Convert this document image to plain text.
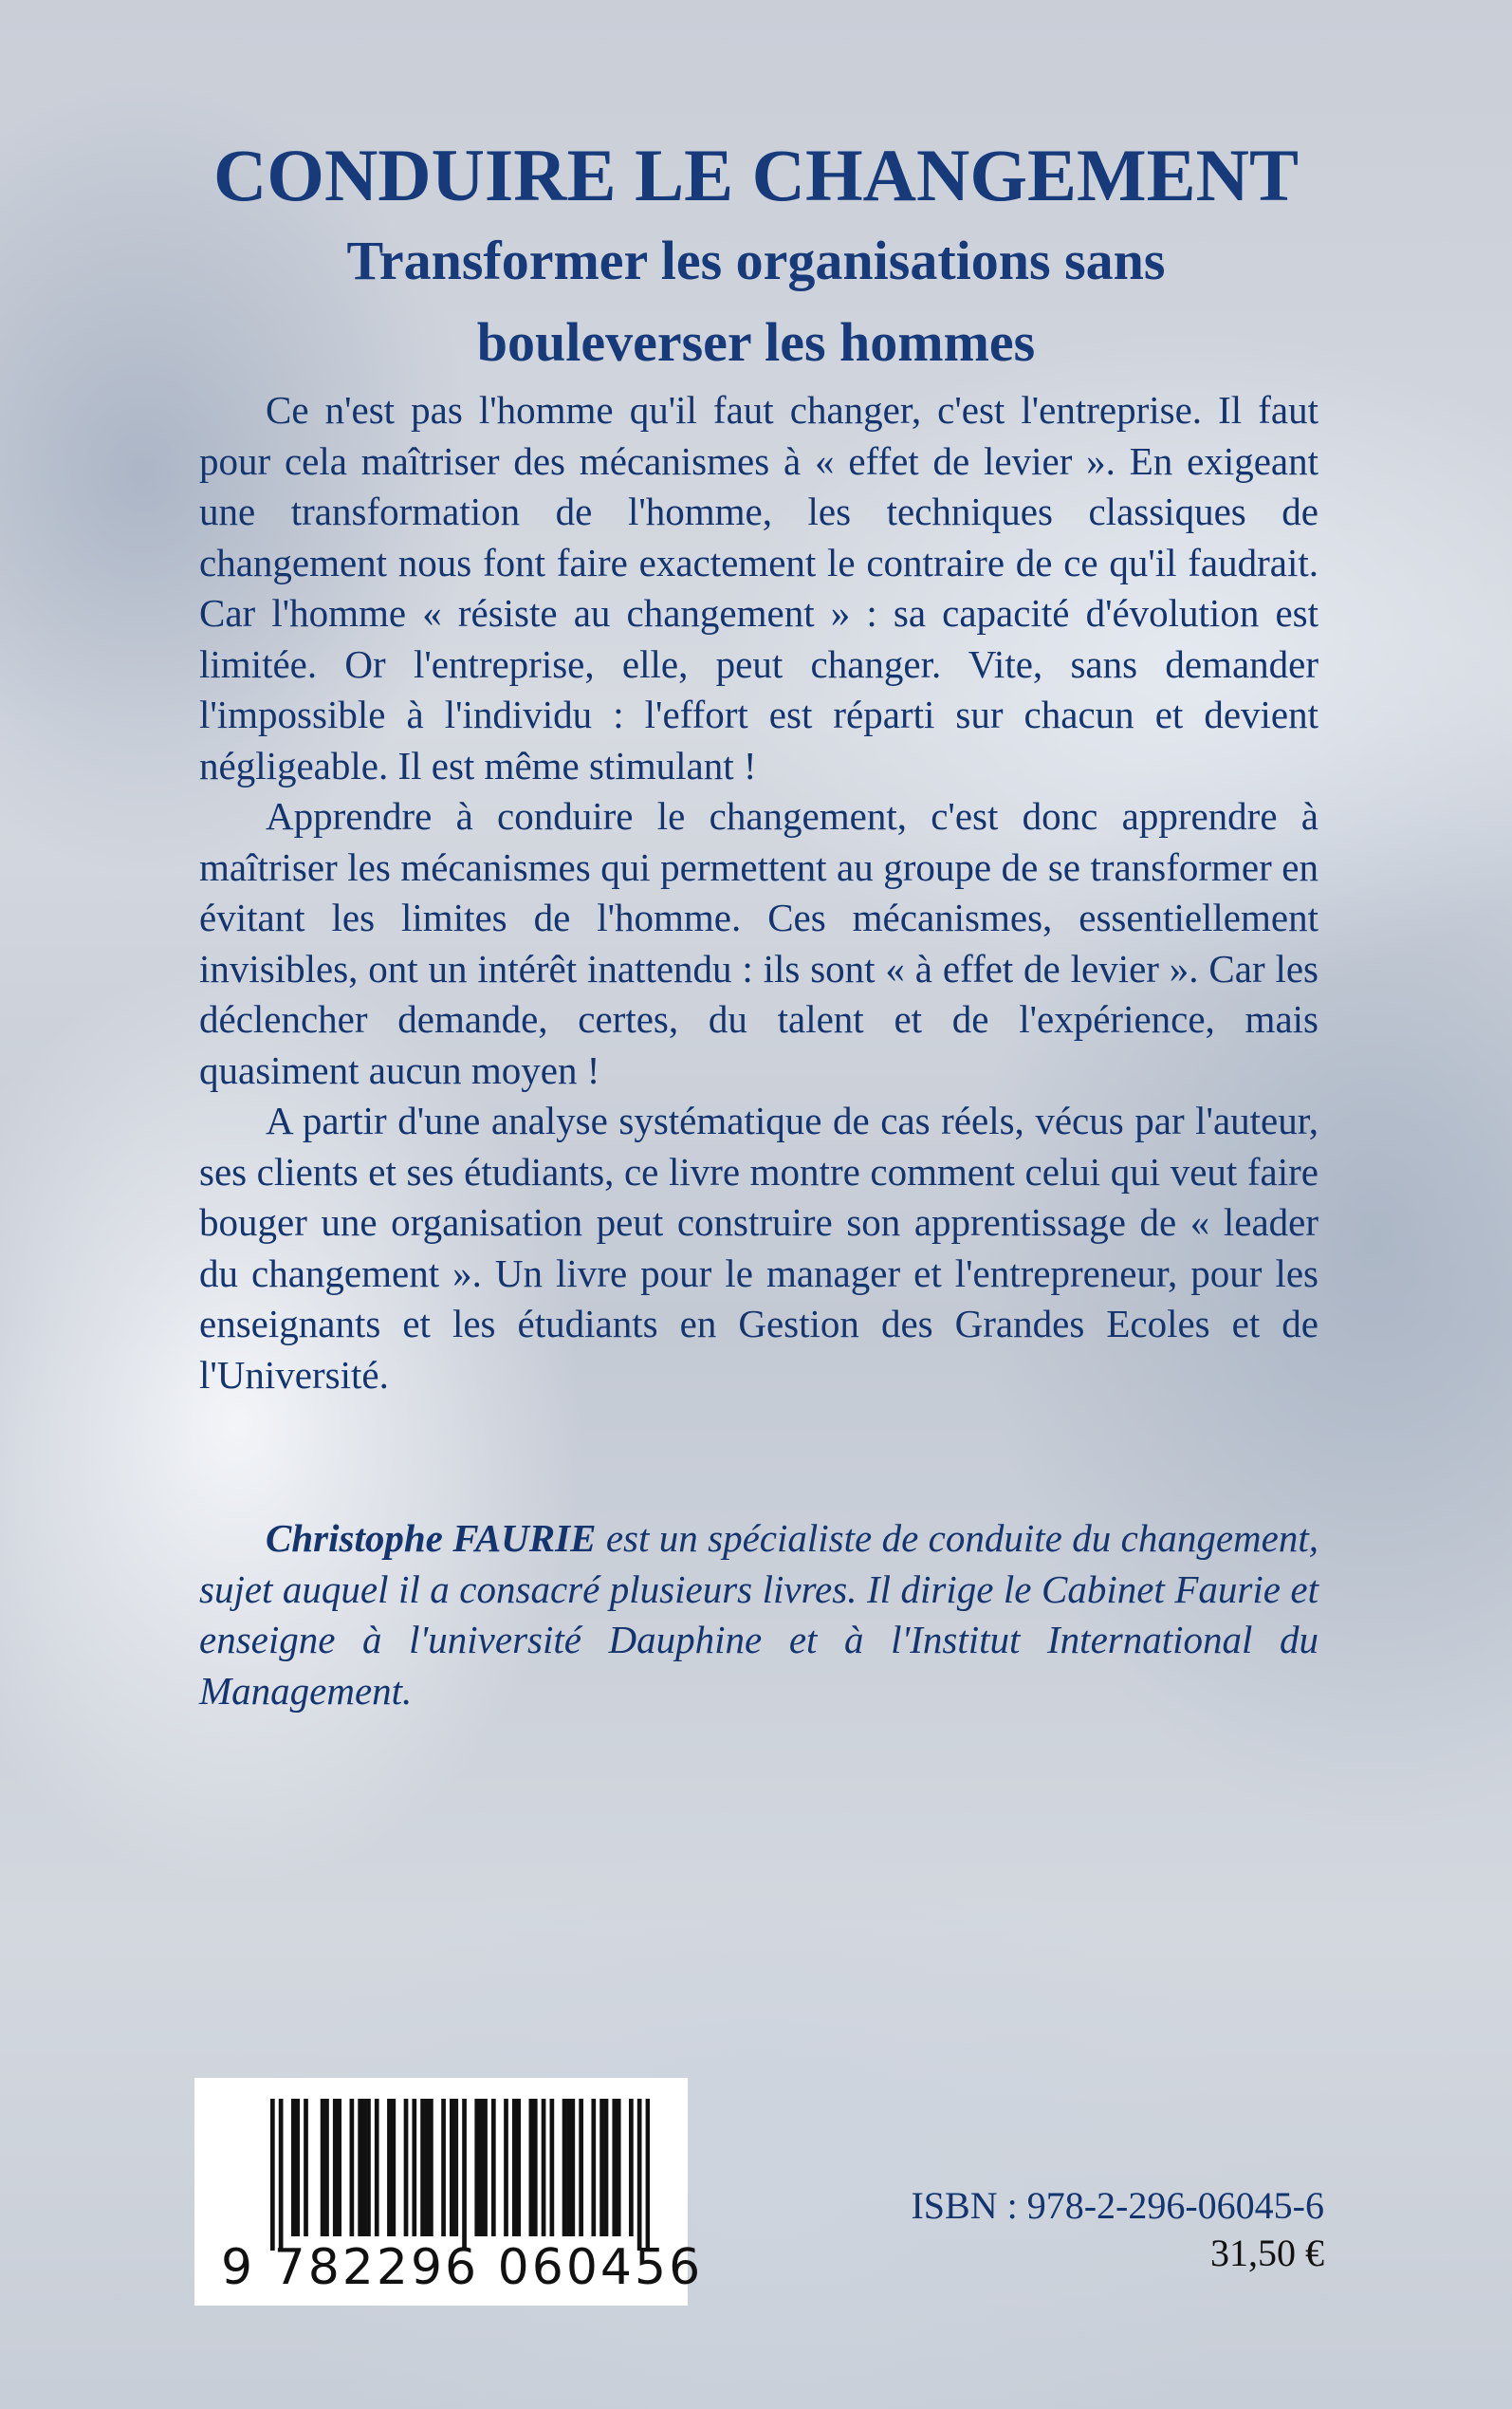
CONDUIRE LE CHANGEMENT
Transformer les organisations sans
bouleverser les hommes

Ce n'est pas l'homme qu'il faut changer, c'est l'entreprise. Il faut pour cela maîtriser des mécanismes à « effet de levier ». En exigeant une transformation de l'homme, les techniques classiques de changement nous font faire exactement le contraire de ce qu'il faudrait. Car l'homme « résiste au changement » : sa capacité d'évolution est limitée. Or l'entreprise, elle, peut changer. Vite, sans demander l'impossible à l'individu : l'effort est réparti sur chacun et devient négligeable. Il est même stimulant !

Apprendre à conduire le changement, c'est donc apprendre à maîtriser les mécanismes qui permettent au groupe de se transformer en évitant les limites de l'homme. Ces mécanismes, essentiellement invisibles, ont un intérêt inattendu : ils sont « à effet de levier ». Car les déclencher demande, certes, du talent et de l'expérience, mais quasiment aucun moyen !

A partir d'une analyse systématique de cas réels, vécus par l'auteur, ses clients et ses étudiants, ce livre montre comment celui qui veut faire bouger une organisation peut construire son apprentissage de « leader du changement ». Un livre pour le manager et l'entrepreneur, pour les enseignants et les étudiants en Gestion des Grandes Ecoles et de l'Université.

Christophe FAURIE est un spécialiste de conduite du changement, sujet auquel il a consacré plusieurs livres. Il dirige le Cabinet Faurie et enseigne à l'université Dauphine et à l'Institut International du Management.

9 782296 060456
ISBN : 978-2-296-06045-6
31,50 €
